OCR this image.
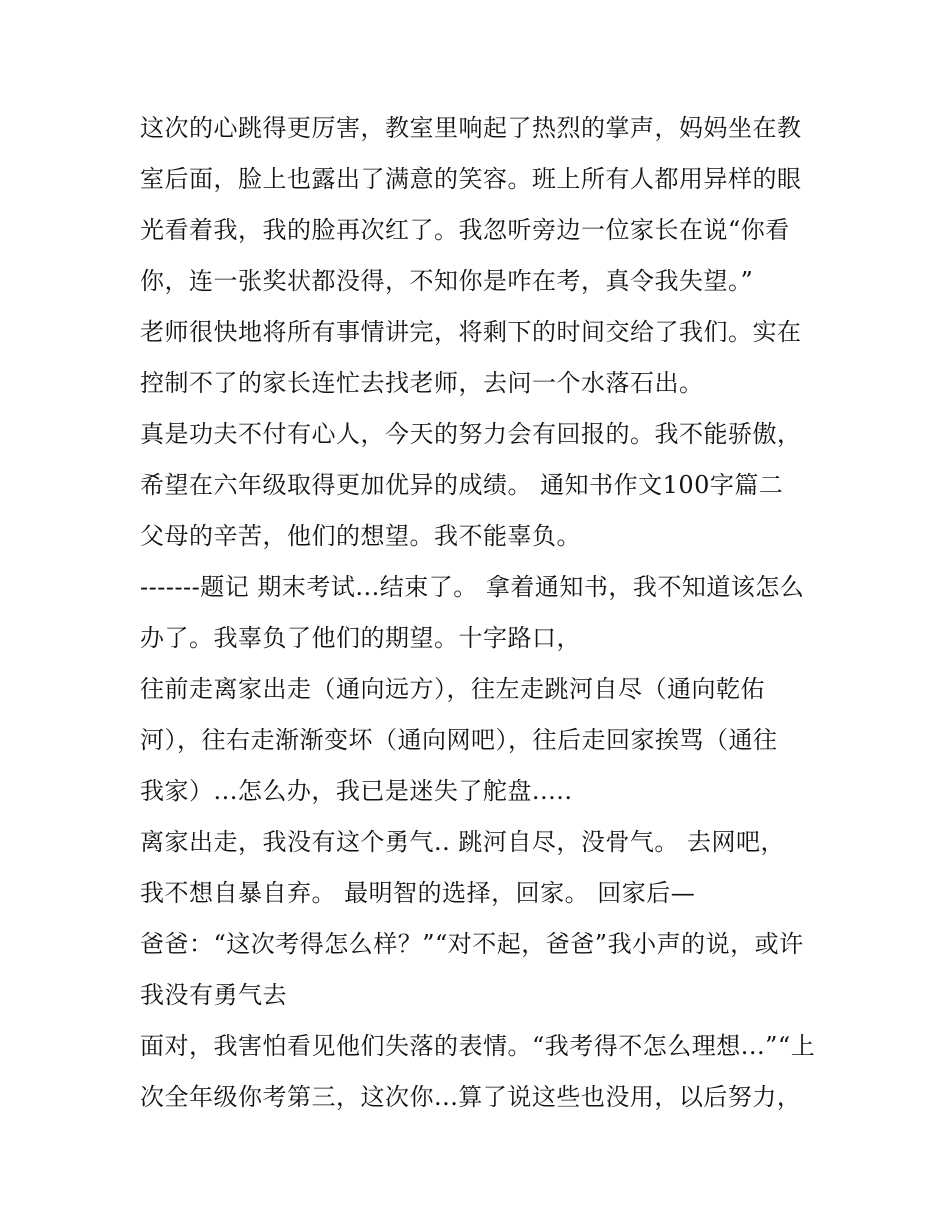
这次的心跳得更厉害，教室里响起了热烈的掌声，妈妈坐在教
室后面，脸上也露出了满意的笑容。班上所有人都用异样的眼
光看着我，我的脸再次红了。我忽听旁边一位家长在说“你看
你，连一张奖状都没得，不知你是咋在考，真令我失望。”
老师很快地将所有事情讲完，将剩下的时间交给了我们。实在
控制不了的家长连忙去找老师，去问一个水落石出。
真是功夫不付有心人，今天的努力会有回报的。我不能骄傲，
希望在六年级取得更加优异的成绩。 通知书作文100字篇二
父母的辛苦，他们的想望。我不能辜负。
-------题记 期末考试...结束了。 拿着通知书，我不知道该怎么
办了。我辜负了他们的期望。十字路口，
往前走离家出走（通向远方），往左走跳河自尽（通向乾佑
河），往右走渐渐变坏（通向网吧），往后走回家挨骂（通往
我家）...怎么办，我已是迷失了舵盘.....
离家出走，我没有这个勇气.. 跳河自尽，没骨气。 去网吧，
我不想自暴自弃。 最明智的选择，回家。 回家后—
爸爸：“这次考得怎么样？”“对不起，爸爸”我小声的说，或许
我没有勇气去
面对，我害怕看见他们失落的表情。“我考得不怎么理想...”“上
次全年级你考第三，这次你...算了说这些也没用，以后努力，
